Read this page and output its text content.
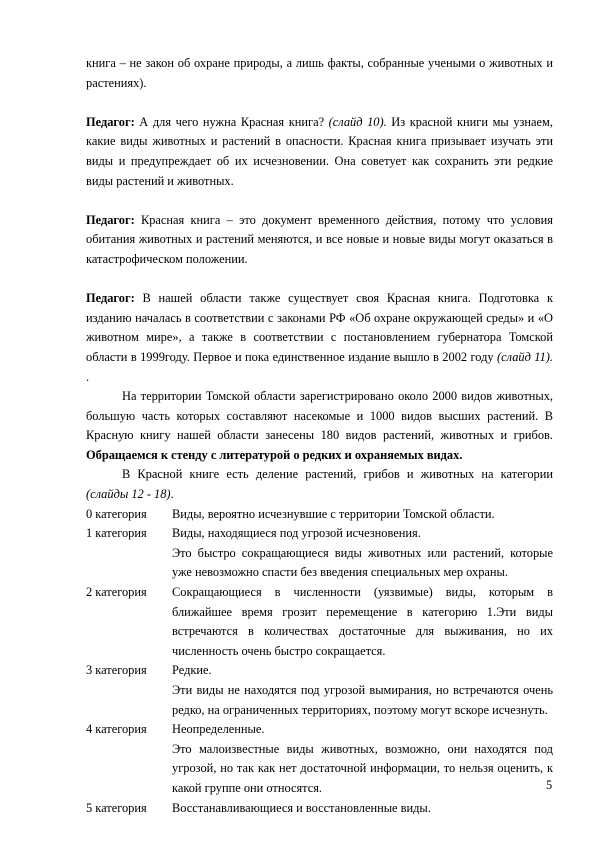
книга – не закон об охране природы, а лишь факты, собранные учеными о животных и растениях).

Педагог: А для чего нужна Красная книга? (слайд 10). Из красной книги мы узнаем, какие виды животных и растений в опасности. Красная книга призывает изучать эти виды и предупреждает об их исчезновении. Она советует как сохранить эти редкие виды растений и животных.

Педагог: Красная книга – это документ временного действия, потому что условия обитания животных и растений меняются, и все новые и новые виды могут оказаться в катастрофическом положении.

Педагог: В нашей области также существует своя Красная книга. Подготовка к изданию началась в соответствии с законами РФ «Об охране окружающей среды» и «О животном мире», а также в соответствии с постановлением губернатора Томской области в 1999году. Первое и пока единственное издание вышло в 2002 году (слайд 11). .

На территории Томской области зарегистрировано около 2000 видов животных, большую часть которых составляют насекомые и 1000 видов высших растений. В Красную книгу нашей области занесены 180 видов растений, животных и грибов. Обращаемся к стенду с литературой о редких и охраняемых видах.

В Красной книге есть деление растений, грибов и животных на категории (слайды 12 - 18).

0 категория	Виды, вероятно исчезнувшие с территории Томской области.
1 категория	Виды, находящиеся под угрозой исчезновения.
Это быстро сокращающиеся виды животных или растений, которые уже невозможно спасти без введения специальных мер охраны.
2 категория	Сокращающиеся в численности (уязвимые) виды, которым в ближайшее время грозит перемещение в категорию 1.Эти виды встречаются в количествах достаточные для выживания, но их численность очень быстро сокращается.
3 категория	Редкие.
Эти виды не находятся под угрозой вымирания, но встречаются очень редко, на ограниченных территориях, поэтому могут вскоре исчезнуть.
4 категория	Неопределенные.
Это малоизвестные виды животных, возможно, они находятся под угрозой, но так как нет достаточной информации, то нельзя оценить, к какой группе они относятся.
5 категория	Восстанавливающиеся и восстановленные виды.
5
